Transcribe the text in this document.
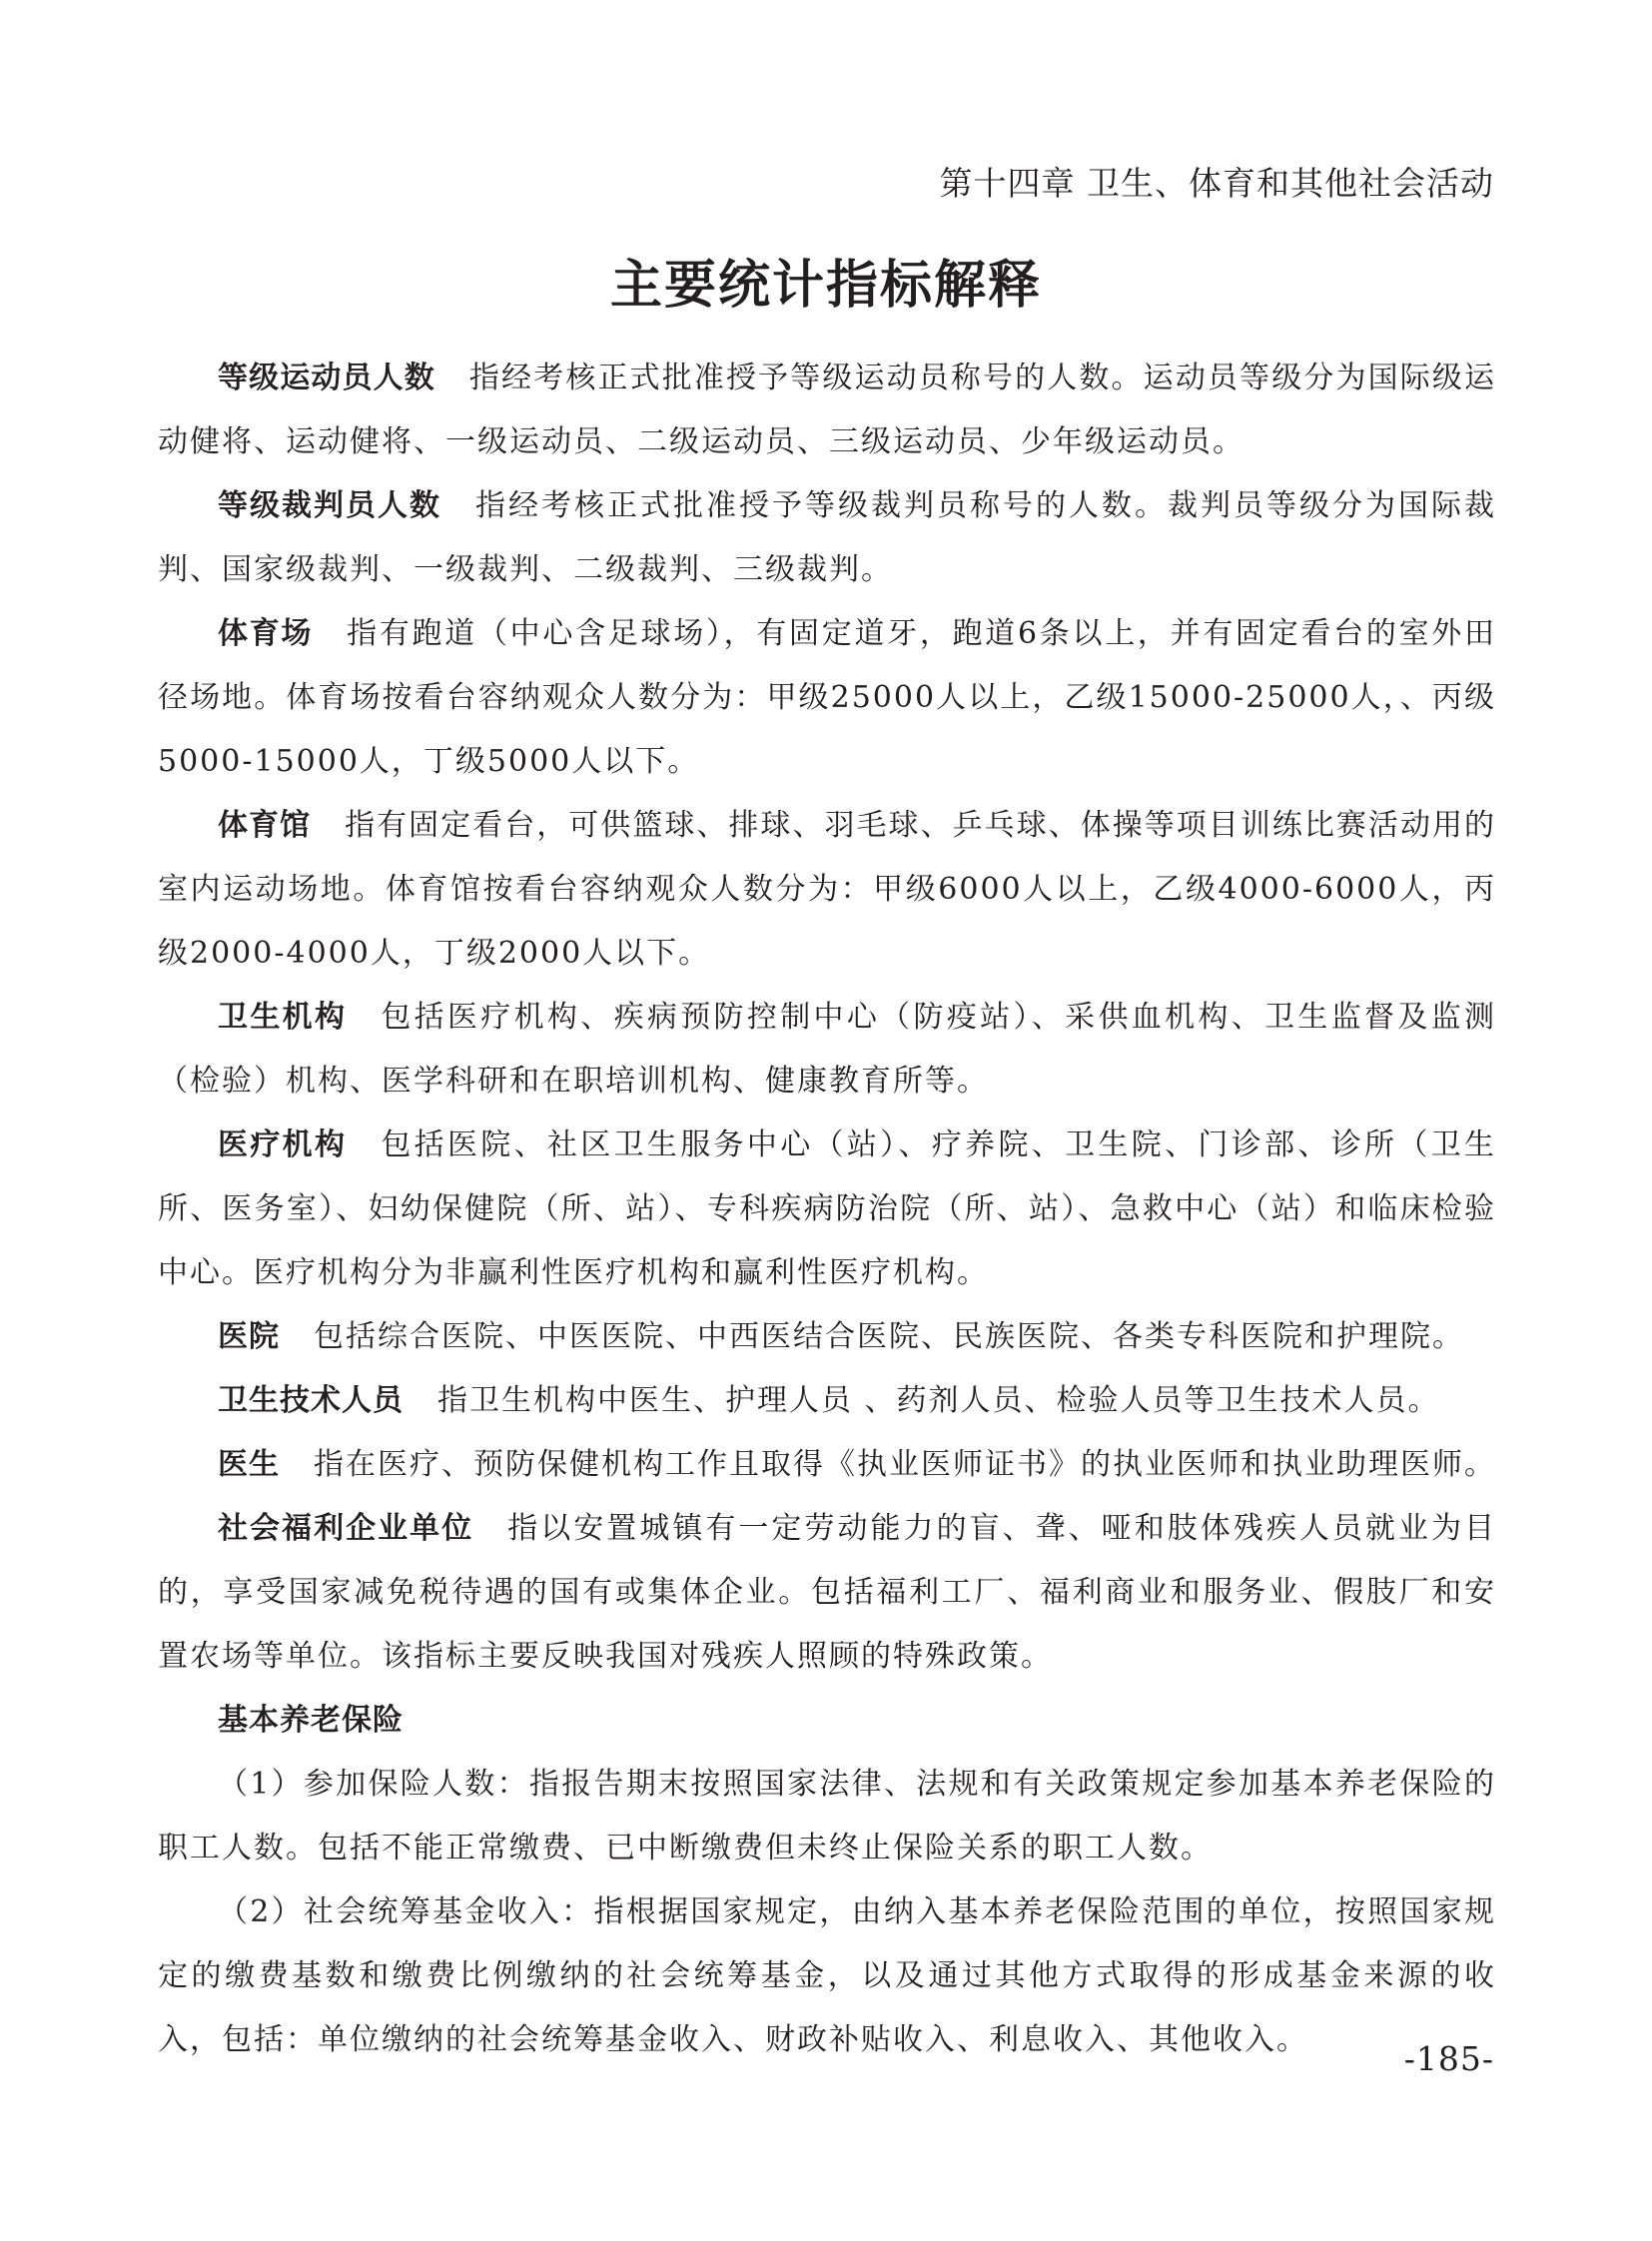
第十四章 卫生、体育和其他社会活动
主要统计指标解释

等级运动员人数 指经考核正式批准授予等级运动员称号的人数。运动员等级分为国际级运动健将、运动健将、一级运动员、二级运动员、三级运动员、少年级运动员。

等级裁判员人数 指经考核正式批准授予等级裁判员称号的人数。裁判员等级分为国际裁判、国家级裁判、一级裁判、二级裁判、三级裁判。

体育场 指有跑道（中心含足球场），有固定道牙，跑道6条以上，并有固定看台的室外田径场地。体育场按看台容纳观众人数分为：甲级25000人以上，乙级15000-25000人，、丙级5000-15000人，丁级5000人以下。

体育馆 指有固定看台，可供篮球、排球、羽毛球、乒乓球、体操等项目训练比赛活动用的室内运动场地。体育馆按看台容纳观众人数分为：甲级6000人以上，乙级4000-6000人，丙级2000-4000人，丁级2000人以下。

卫生机构 包括医疗机构、疾病预防控制中心（防疫站）、采供血机构、卫生监督及监测（检验）机构、医学科研和在职培训机构、健康教育所等。

医疗机构 包括医院、社区卫生服务中心（站）、疗养院、卫生院、门诊部、诊所（卫生所、医务室）、妇幼保健院（所、站）、专科疾病防治院（所、站）、急救中心（站）和临床检验中心。医疗机构分为非赢利性医疗机构和赢利性医疗机构。

医院 包括综合医院、中医医院、中西医结合医院、民族医院、各类专科医院和护理院。

卫生技术人员 指卫生机构中医生、护理人员 、药剂人员、检验人员等卫生技术人员。

医生 指在医疗、预防保健机构工作且取得《执业医师证书》的执业医师和执业助理医师。

社会福利企业单位 指以安置城镇有一定劳动能力的盲、聋、哑和肢体残疾人员就业为目的，享受国家减免税待遇的国有或集体企业。包括福利工厂、福利商业和服务业、假肢厂和安置农场等单位。该指标主要反映我国对残疾人照顾的特殊政策。

基本养老保险

（1）参加保险人数：指报告期末按照国家法律、法规和有关政策规定参加基本养老保险的职工人数。包括不能正常缴费、已中断缴费但未终止保险关系的职工人数。

（2）社会统筹基金收入：指根据国家规定，由纳入基本养老保险范围的单位，按照国家规定的缴费基数和缴费比例缴纳的社会统筹基金，以及通过其他方式取得的形成基金来源的收入，包括：单位缴纳的社会统筹基金收入、财政补贴收入、利息收入、其他收入。	-185-
